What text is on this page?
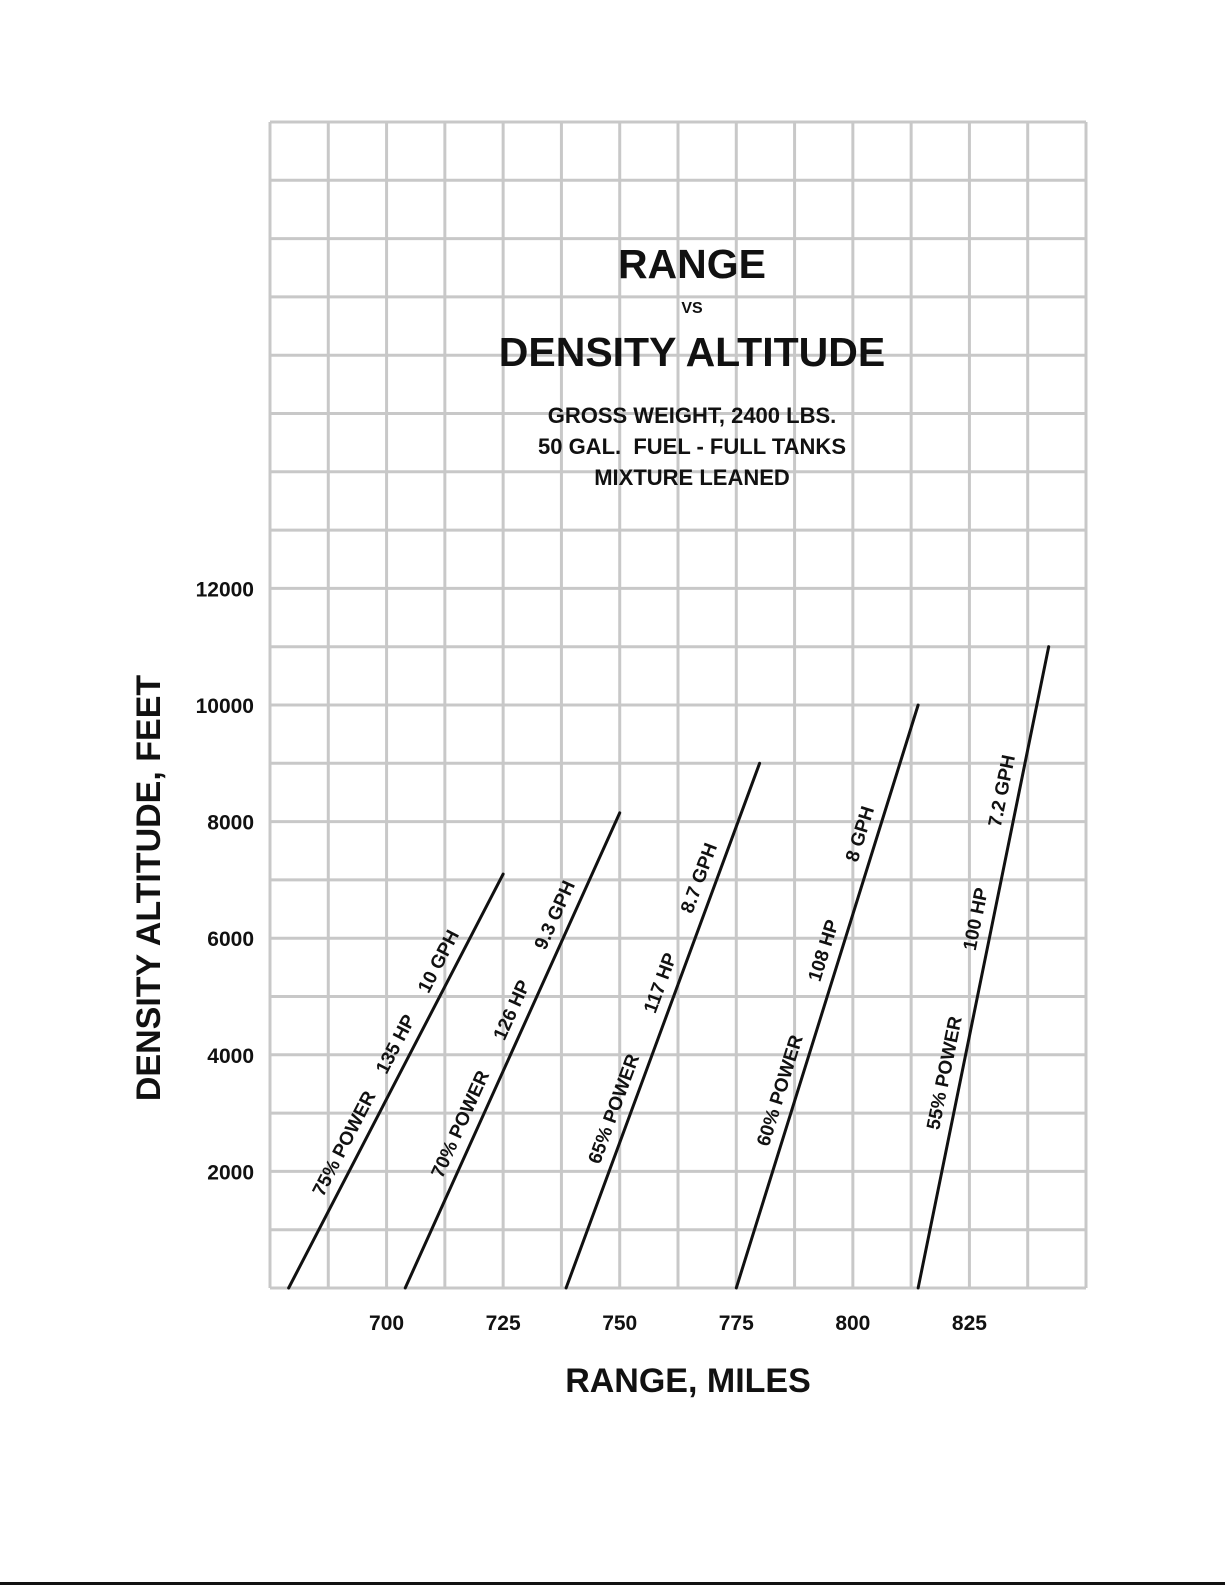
RANGE
VS
DENSITY ALTITUDE
GROSS WEIGHT, 2400 LBS.
50 GAL.  FUEL - FULL TANKS
MIXTURE LEANED
700	725	750	775	800	825
2000
4000
6000
8000
10000
12000
75% POWER
135 HP
10 GPH
70% POWER
126 HP
9.3 GPH
65% POWER
117 HP
8.7 GPH
60% POWER
108 HP
8 GPH
55% POWER
100 HP
7.2 GPH
RANGE, MILES
DENSITY ALTITUDE, FEET
